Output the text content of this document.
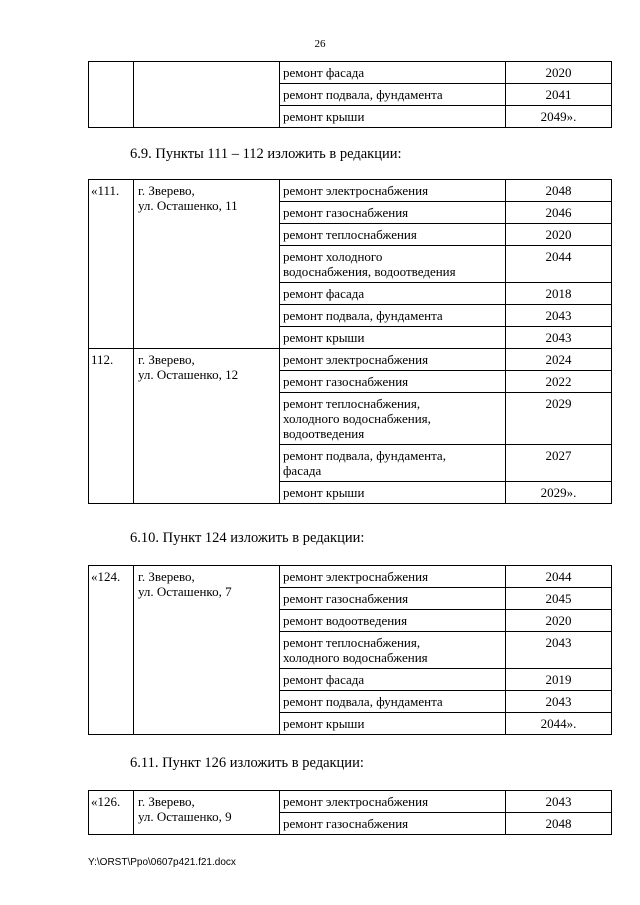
26
		ремонт фасада	2020
		ремонт подвала, фундамента	2041
		ремонт крыши	2049».
6.9. Пункты 111 – 112 изложить в редакции:
«111.	г. Зверево,
ул. Осташенко, 11	ремонт электроснабжения	2048
		ремонт газоснабжения	2046
		ремонт теплоснабжения	2020

		ремонт холодного
водоснабжения, водоотведения	2044
		ремонт фасада	2018
		ремонт подвала, фундамента	2043
		ремонт крыши	2043
112.	г. Зверево,
ул. Осташенко, 12	ремонт электроснабжения	2024
		ремонт газоснабжения	2022

		ремонт теплоснабжения,
холодного водоснабжения,
водоотведения	2029

		ремонт подвала, фундамента,
фасада	2027
		ремонт крыши	2029».
6.10. Пункт 124 изложить в редакции:
«124.	г. Зверево,
ул. Осташенко, 7	ремонт электроснабжения	2044
		ремонт газоснабжения	2045
		ремонт водоотведения	2020

		ремонт теплоснабжения,
холодного водоснабжения	2043
		ремонт фасада	2019
		ремонт подвала, фундамента	2043
		ремонт крыши	2044».
6.11. Пункт 126 изложить в редакции:
«126.	г. Зверево,
ул. Осташенко, 9	ремонт электроснабжения	2043
		ремонт газоснабжения	2048
Y:\ORST\Ppo\0607p421.f21.docx
